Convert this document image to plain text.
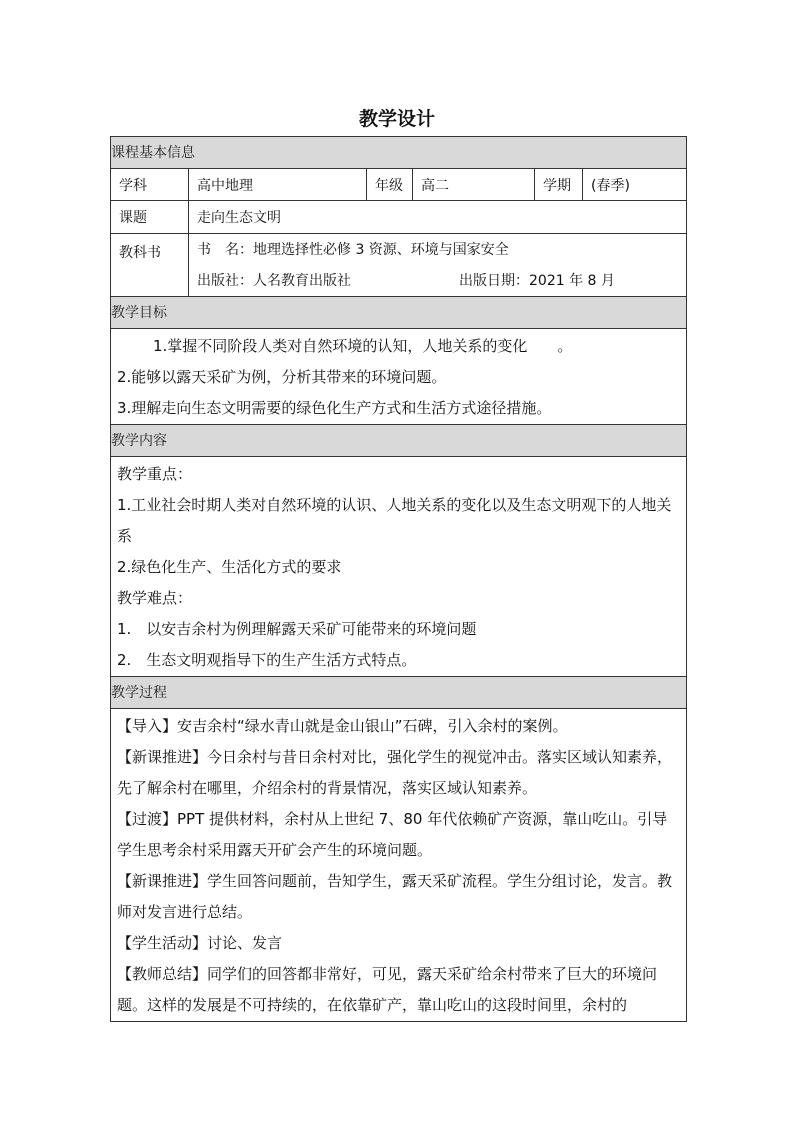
教学设计
课程基本信息
学科	高中地理	年级	高二	学期	(春季)
课题	走向生态文明
教科书	书　名：地理选择性必修 3 资源、环境与国家安全
出版社：人名教育出版社	出版日期：2021 年 8 月
教学目标

1.掌握不同阶段人类对自然环境的认知，人地关系的变化　　。

2.能够以露天采矿为例，分析其带来的环境问题。

3.理解走向生态文明需要的绿色化生产方式和生活方式途径措施。

教学内容

教学重点：

1.工业社会时期人类对自然环境的认识、人地关系的变化以及生态文明观下的人地关系

2.绿色化生产、生活化方式的要求

教学难点：

1.　以安吉余村为例理解露天采矿可能带来的环境问题

2.　生态文明观指导下的生产生活方式特点。

教学过程

【导入】安吉余村“绿水青山就是金山银山”石碑，引入余村的案例。

【新课推进】今日余村与昔日余村对比，强化学生的视觉冲击。落实区域认知素养，先了解余村在哪里，介绍余村的背景情况，落实区域认知素养。

【过渡】PPT 提供材料，余村从上世纪 7、80 年代依赖矿产资源，靠山吃山。引导学生思考余村采用露天开矿会产生的环境问题。

【新课推进】学生回答问题前，告知学生，露天采矿流程。学生分组讨论，发言。教师对发言进行总结。

【学生活动】讨论、发言

【教师总结】同学们的回答都非常好，可见，露天采矿给余村带来了巨大的环境问题。这样的发展是不可持续的，在依靠矿产，靠山吃山的这段时间里，余村的
